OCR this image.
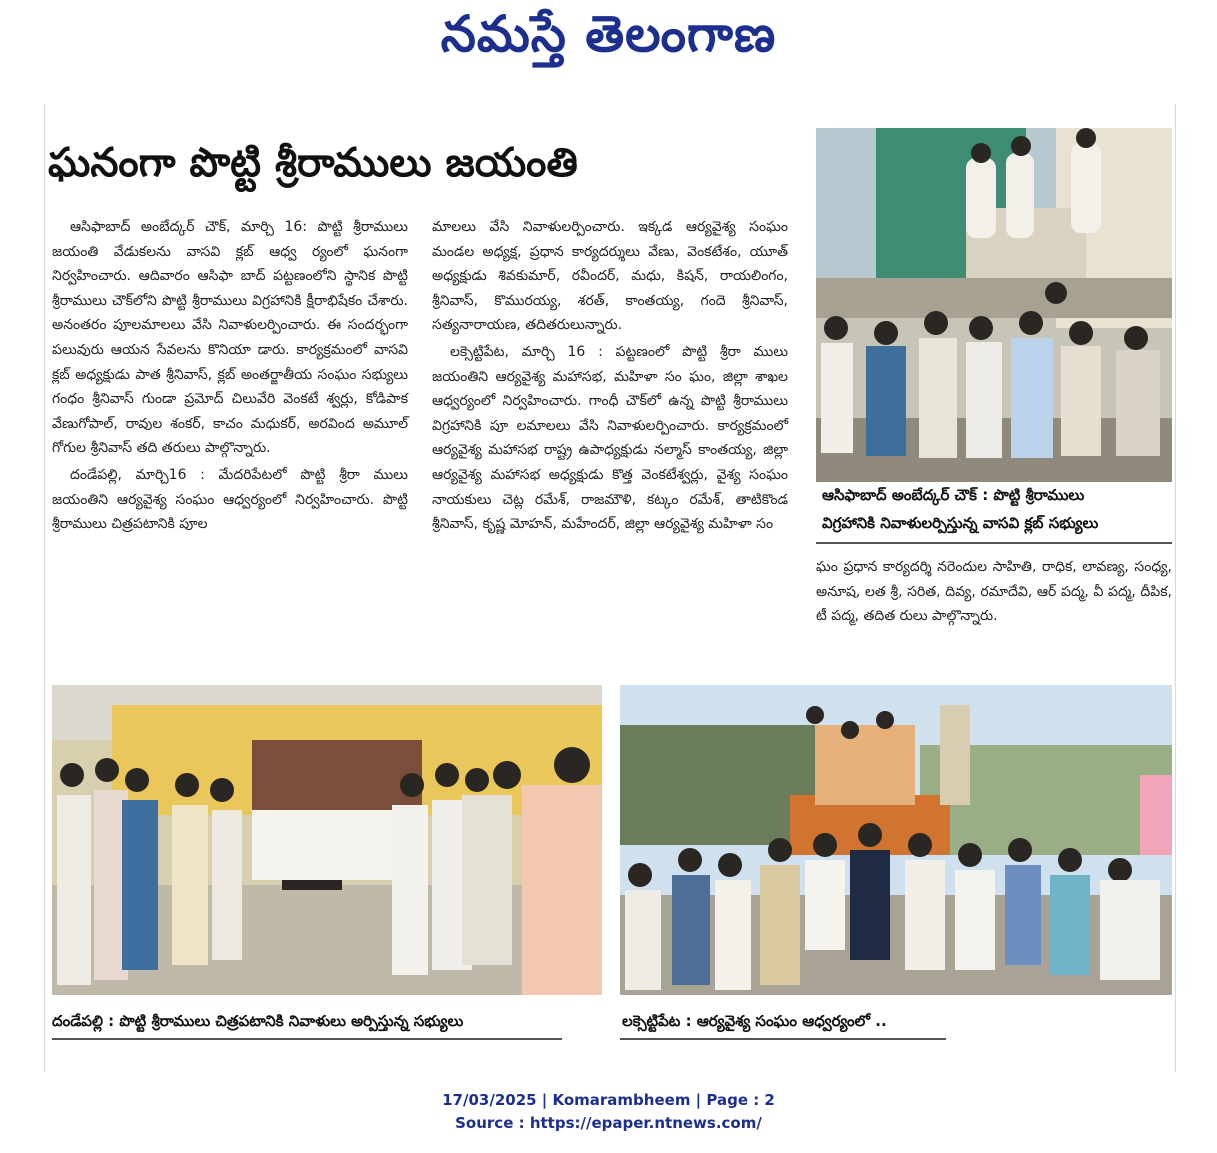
నమస్తే తెలంగాణ
ఘనంగా పొట్టి శ్రీరాములు జయంతి

ఆసిఫాబాద్ అంబేద్కర్ చౌక్, మార్చి 16: పొట్టి శ్రీరాములు జయంతి వేడుకలను వాసవి క్లబ్ ఆధ్వ ర్యంలో ఘనంగా నిర్వహించారు. ఆదివారం ఆసిఫా బాద్ పట్టణంలోని స్థానిక పొట్టి శ్రీరాములు చౌక్‌లోని పొట్టి శ్రీరాములు విగ్రహానికి క్షీరాభిషేకం చేశారు. అనంతరం పూలమాలలు వేసి నివాళులర్పించారు. ఈ సందర్భంగా పలువురు ఆయన సేవలను కొనియా డారు. కార్యక్రమంలో వాసవి క్లబ్ అధ్యక్షుడు పాత శ్రీనివాస్, క్లబ్ అంతర్జాతీయ సంఘం సభ్యులు గంధం శ్రీనివాస్ గుండా ప్రమోద్ చిలువేరి వెంకటే శ్వర్లు, కోడిపాక వేణుగోపాల్, రావుల శంకర్, కాచం మధుకర్, అరవింద అమూల్ గోగుల శ్రీనివాస్ తది తరులు పాల్గొన్నారు.

దండేపల్లి, మార్చి16 : మేదరిపేటలో పొట్టి శ్రీరా ములు జయంతిని ఆర్యవైశ్య సంఘం ఆధ్వర్యంలో నిర్వహించారు. పొట్టి శ్రీరాములు చిత్రపటానికి పూల

మాలలు వేసి నివాళులర్పించారు. ఇక్కడ ఆర్యవైశ్య సంఘం మండల అధ్యక్ష, ప్రధాన కార్యదర్శులు వేణు, వెంకటేశం, యూత్ అధ్యక్షుడు శివకుమార్, రవీందర్, మధు, కిషన్, రాయలింగం, శ్రీనివాస్, కొమురయ్య, శరత్, కాంతయ్య, గందె శ్రీనివాస్, సత్యనారాయణ, తదితరులున్నారు.

లక్సెట్టిపేట, మార్చి 16 : పట్టణంలో పొట్టి శ్రీరా ములు జయంతిని ఆర్యవైశ్య మహాసభ, మహిళా సం ఘం, జిల్లా శాఖల ఆధ్వర్యంలో నిర్వహించారు. గాంధీ చౌక్‌లో ఉన్న పొట్టి శ్రీరాములు విగ్రహానికి పూ లమాలలు వేసి నివాళులర్పించారు. కార్యక్రమంలో ఆర్యవైశ్య మహాసభ రాష్ట్ర ఉపాధ్యక్షుడు నల్మాస్ కాంతయ్య, జిల్లా ఆర్యవైశ్య మహాసభ అధ్యక్షుడు కొత్త వెంకటేశ్వర్లు, వైశ్య సంఘం నాయకులు చెట్ల రమేశ్, రాజమౌళి, కట్కం రమేశ్, తాటికొండ శ్రీనివాస్, కృష్ణ మోహన్, మహేందర్, జిల్లా ఆర్యవైశ్య మహిళా సం

ఘం ప్రధాన కార్యదర్శి నరెందుల సాహితి, రాధిక, లావణ్య, సంధ్య, అనూష, లత శ్రీ, సరిత, దివ్య, రమాదేవి, ఆర్ పద్మ, వీ పద్మ, దీపిక, టీ పద్మ, తదిత రులు పాల్గొన్నారు.

ఆసిఫాబాద్ అంబేద్కర్ చౌక్ : పొట్టి శ్రీరాములు
విగ్రహానికి నివాళులర్పిస్తున్న వాసవి క్లబ్ సభ్యులు
దండేపల్లి : పొట్టి శ్రీరాములు చిత్రపటానికి నివాళులు అర్పిస్తున్న సభ్యులు	లక్సెట్టిపేట : ఆర్యవైశ్య సంఘం ఆధ్వర్యంలో ..
17/03/2025 | Komarambheem | Page : 2
Source : https://epaper.ntnews.com/
